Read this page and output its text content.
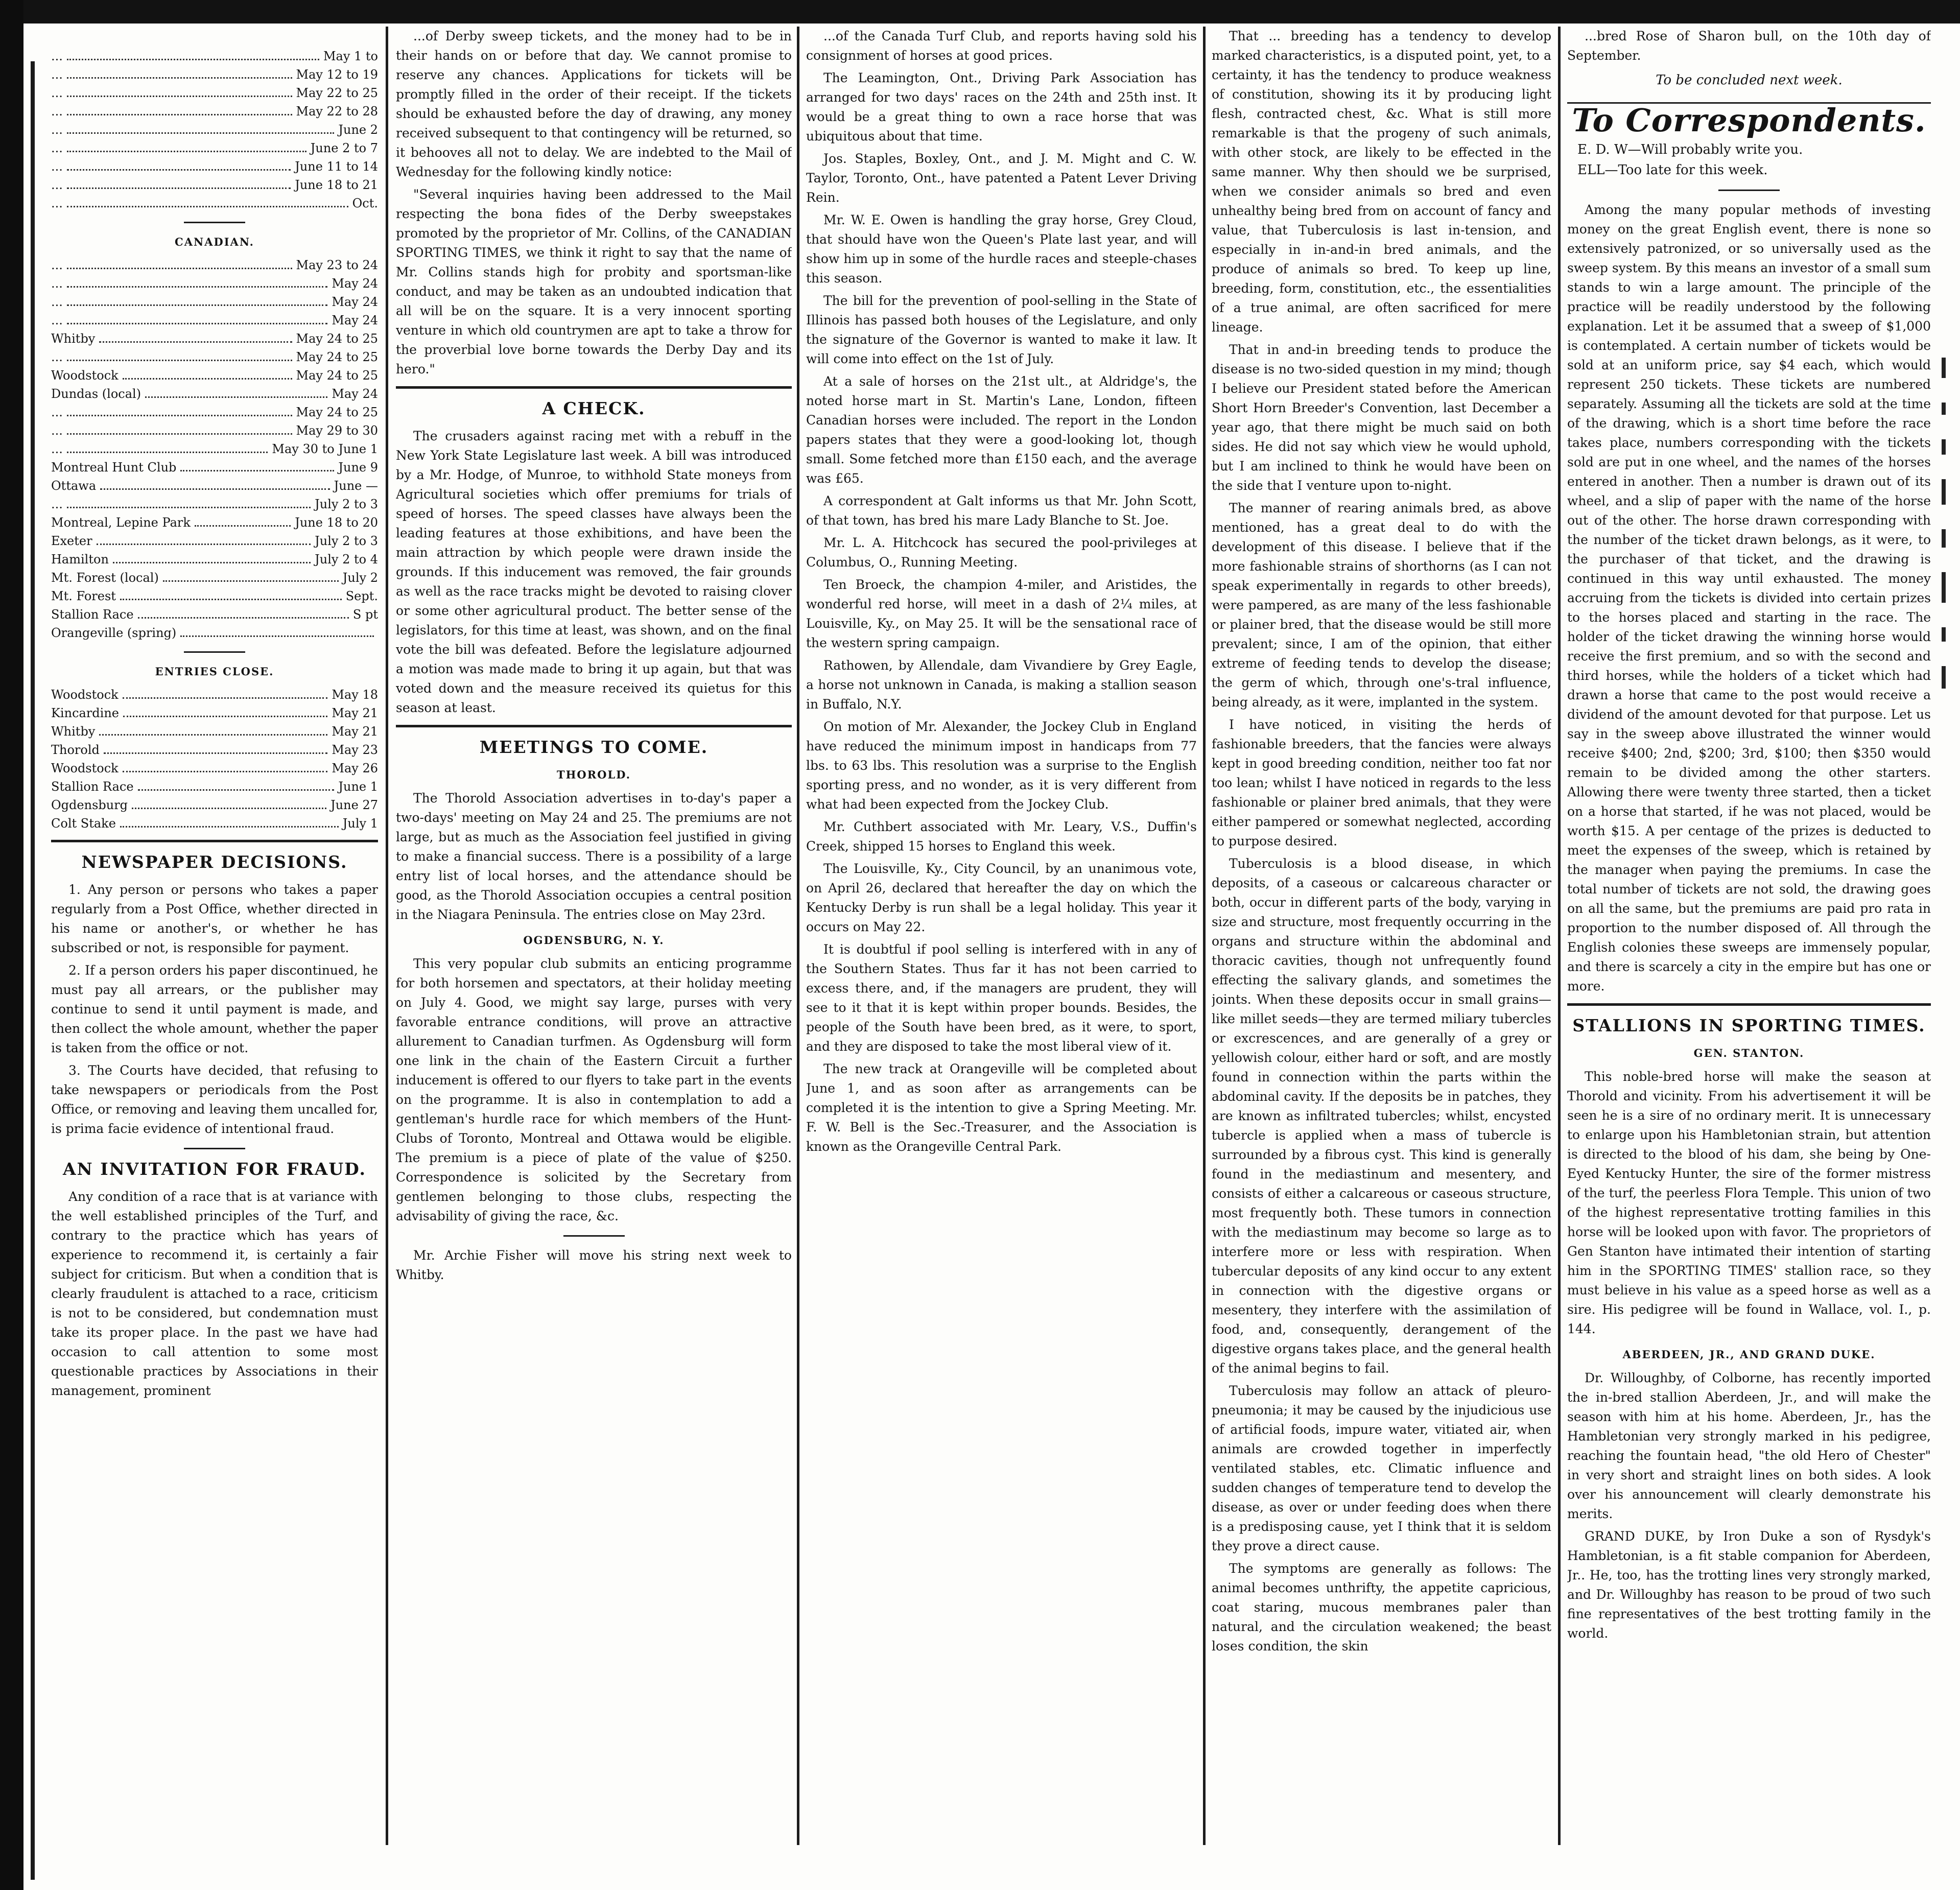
...	May 1 to
...	May 12 to 19
...	May 22 to 25
...	May 22 to 28
...	June 2
...	June 2 to 7
...	June 11 to 14
...	June 18 to 21
...	Oct.
CANADIAN.
...	May 23 to 24
...	May 24
...	May 24
...	May 24
Whitby	May 24 to 25
...	May 24 to 25
Woodstock	May 24 to 25
Dundas (local)	May 24
...	May 24 to 25
...	May 29 to 30
...	May 30 to June 1
Montreal Hunt Club	June 9
Ottawa	June —
...	July 2 to 3
Montreal, Lepine Park	June 18 to 20
Exeter	July 2 to 3
Hamilton	July 2 to 4
Mt. Forest (local)	July 2
Mt. Forest	Sept.
Stallion Race	S pt
Orangeville (spring)
ENTRIES CLOSE.
Woodstock	May 18
Kincardine	May 21
Whitby	May 21
Thorold	May 23
Woodstock	May 26
Stallion Race	June 1
Ogdensburg	June 27
Colt Stake	July 1
NEWSPAPER DECISIONS.

1. Any person or persons who takes a paper regularly from a Post Office, whether directed in his name or another's, or whether he has subscribed or not, is responsible for payment.

2. If a person orders his paper discontinued, he must pay all arrears, or the publisher may continue to send it until payment is made, and then collect the whole amount, whether the paper is taken from the office or not.

3. The Courts have decided, that refusing to take newspapers or periodicals from the Post Office, or removing and leaving them uncalled for, is prima facie evidence of intentional fraud.

AN INVITATION FOR FRAUD.

Any condition of a race that is at variance with the well established principles of the Turf, and contrary to the practice which has years of experience to recommend it, is certainly a fair subject for criticism. But when a condition that is clearly fraudulent is attached to a race, criticism is not to be considered, but condemnation must take its proper place. In the past we have had occasion to call attention to some most questionable practices by Associations in their management, prominent

...of Derby sweep tickets, and the money had to be in their hands on or before that day. We cannot promise to reserve any chances. Applications for tickets will be promptly filled in the order of their receipt. If the tickets should be exhausted before the day of drawing, any money received subsequent to that contingency will be returned, so it behooves all not to delay. We are indebted to the Mail of Wednesday for the following kindly notice:

"Several inquiries having been addressed to the Mail respecting the bona fides of the Derby sweepstakes promoted by the proprietor of Mr. Collins, of the CANADIAN SPORTING TIMES, we think it right to say that the name of Mr. Collins stands high for probity and sportsman-like conduct, and may be taken as an undoubted indication that all will be on the square. It is a very innocent sporting venture in which old countrymen are apt to take a throw for the proverbial love borne towards the Derby Day and its hero."

A CHECK.

The crusaders against racing met with a rebuff in the New York State Legislature last week. A bill was introduced by a Mr. Hodge, of Munroe, to withhold State moneys from Agricultural societies which offer premiums for trials of speed of horses. The speed classes have always been the leading features at those exhibitions, and have been the main attraction by which people were drawn inside the grounds. If this inducement was removed, the fair grounds as well as the race tracks might be devoted to raising clover or some other agricultural product. The better sense of the legislators, for this time at least, was shown, and on the final vote the bill was defeated. Before the legislature adjourned a motion was made made to bring it up again, but that was voted down and the measure received its quietus for this season at least.

MEETINGS TO COME.
THOROLD.

The Thorold Association advertises in to-day's paper a two-days' meeting on May 24 and 25. The premiums are not large, but as much as the Association feel justified in giving to make a financial success. There is a possibility of a large entry list of local horses, and the attendance should be good, as the Thorold Association occupies a central position in the Niagara Peninsula. The entries close on May 23rd.

OGDENSBURG, N. Y.

This very popular club submits an enticing programme for both horsemen and spectators, at their holiday meeting on July 4. Good, we might say large, purses with very favorable entrance conditions, will prove an attractive allurement to Canadian turfmen. As Ogdensburg will form one link in the chain of the Eastern Circuit a further inducement is offered to our flyers to take part in the events on the programme. It is also in contemplation to add a gentleman's hurdle race for which members of the Hunt-Clubs of Toronto, Montreal and Ottawa would be eligible. The premium is a piece of plate of the value of $250. Correspondence is solicited by the Secretary from gentlemen belonging to those clubs, respecting the advisability of giving the race, &c.

Mr. Archie Fisher will move his string next week to Whitby.

...of the Canada Turf Club, and reports having sold his consignment of horses at good prices.

The Leamington, Ont., Driving Park Association has arranged for two days' races on the 24th and 25th inst. It would be a great thing to own a race horse that was ubiquitous about that time.

Jos. Staples, Boxley, Ont., and J. M. Might and C. W. Taylor, Toronto, Ont., have patented a Patent Lever Driving Rein.

Mr. W. E. Owen is handling the gray horse, Grey Cloud, that should have won the Queen's Plate last year, and will show him up in some of the hurdle races and steeple-chases this season.

The bill for the prevention of pool-selling in the State of Illinois has passed both houses of the Legislature, and only the signature of the Governor is wanted to make it law. It will come into effect on the 1st of July.

At a sale of horses on the 21st ult., at Aldridge's, the noted horse mart in St. Martin's Lane, London, fifteen Canadian horses were included. The report in the London papers states that they were a good-looking lot, though small. Some fetched more than £150 each, and the average was £65.

A correspondent at Galt informs us that Mr. John Scott, of that town, has bred his mare Lady Blanche to St. Joe.

Mr. L. A. Hitchcock has secured the pool-privileges at Columbus, O., Running Meeting.

Ten Broeck, the champion 4-miler, and Aristides, the wonderful red horse, will meet in a dash of 2¼ miles, at Louisville, Ky., on May 25. It will be the sensational race of the western spring campaign.

Rathowen, by Allendale, dam Vivandiere by Grey Eagle, a horse not unknown in Canada, is making a stallion season in Buffalo, N.Y.

On motion of Mr. Alexander, the Jockey Club in England have reduced the minimum impost in handicaps from 77 lbs. to 63 lbs. This resolution was a surprise to the English sporting press, and no wonder, as it is very different from what had been expected from the Jockey Club.

Mr. Cuthbert associated with Mr. Leary, V.S., Duffin's Creek, shipped 15 horses to England this week.

The Louisville, Ky., City Council, by an unanimous vote, on April 26, declared that hereafter the day on which the Kentucky Derby is run shall be a legal holiday. This year it occurs on May 22.

It is doubtful if pool selling is interfered with in any of the Southern States. Thus far it has not been carried to excess there, and, if the managers are prudent, they will see to it that it is kept within proper bounds. Besides, the people of the South have been bred, as it were, to sport, and they are disposed to take the most liberal view of it.

The new track at Orangeville will be completed about June 1, and as soon after as arrangements can be completed it is the intention to give a Spring Meeting. Mr. F. W. Bell is the Sec.-Treasurer, and the Association is known as the Orangeville Central Park.

That ... breeding has a tendency to develop marked characteristics, is a disputed point, yet, to a certainty, it has the tendency to produce weakness of constitution, showing its it by producing light flesh, contracted chest, &c. What is still more remarkable is that the progeny of such animals, with other stock, are likely to be effected in the same manner. Why then should we be surprised, when we consider animals so bred and even unhealthy being bred from on account of fancy and value, that Tuberculosis is last in-tension, and especially in in-and-in bred animals, and the produce of animals so bred. To keep up line, breeding, form, constitution, etc., the essentialities of a true animal, are often sacrificed for mere lineage.

That in and-in breeding tends to produce the disease is no two-sided question in my mind; though I believe our President stated before the American Short Horn Breeder's Convention, last December a year ago, that there might be much said on both sides. He did not say which view he would uphold, but I am inclined to think he would have been on the side that I venture upon to-night.

The manner of rearing animals bred, as above mentioned, has a great deal to do with the development of this disease. I believe that if the more fashionable strains of shorthorns (as I can not speak experimentally in regards to other breeds), were pampered, as are many of the less fashionable or plainer bred, that the disease would be still more prevalent; since, I am of the opinion, that either extreme of feeding tends to develop the disease; the germ of which, through one's-tral influence, being already, as it were, implanted in the system.

I have noticed, in visiting the herds of fashionable breeders, that the fancies were always kept in good breeding condition, neither too fat nor too lean; whilst I have noticed in regards to the less fashionable or plainer bred animals, that they were either pampered or somewhat neglected, according to purpose desired.

Tuberculosis is a blood disease, in which deposits, of a caseous or calcareous character or both, occur in different parts of the body, varying in size and structure, most frequently occurring in the organs and structure within the abdominal and thoracic cavities, though not unfrequently found effecting the salivary glands, and sometimes the joints. When these deposits occur in small grains—like millet seeds—they are termed miliary tubercles or excrescences, and are generally of a grey or yellowish colour, either hard or soft, and are mostly found in connection within the parts within the abdominal cavity. If the deposits be in patches, they are known as infiltrated tubercles; whilst, encysted tubercle is applied when a mass of tubercle is surrounded by a fibrous cyst. This kind is generally found in the mediastinum and mesentery, and consists of either a calcareous or caseous structure, most frequently both. These tumors in connection with the mediastinum may become so large as to interfere more or less with respiration. When tubercular deposits of any kind occur to any extent in connection with the digestive organs or mesentery, they interfere with the assimilation of food, and, consequently, derangement of the digestive organs takes place, and the general health of the animal begins to fail.

Tuberculosis may follow an attack of pleuro-pneumonia; it may be caused by the injudicious use of artificial foods, impure water, vitiated air, when animals are crowded together in imperfectly ventilated stables, etc. Climatic influence and sudden changes of temperature tend to develop the disease, as over or under feeding does when there is a predisposing cause, yet I think that it is seldom they prove a direct cause.

The symptoms are generally as follows: The animal becomes unthrifty, the appetite capricious, coat staring, mucous membranes paler than natural, and the circulation weakened; the beast loses condition, the skin

...bred Rose of Sharon bull, on the 10th day of September.

To be concluded next week.
To Correspondents.
E. D. W—Will probably write you.
ELL—Too late for this week.

Among the many popular methods of investing money on the great English event, there is none so extensively patronized, or so universally used as the sweep system. By this means an investor of a small sum stands to win a large amount. The principle of the practice will be readily understood by the following explanation. Let it be assumed that a sweep of $1,000 is contemplated. A certain number of tickets would be sold at an uniform price, say $4 each, which would represent 250 tickets. These tickets are numbered separately. Assuming all the tickets are sold at the time of the drawing, which is a short time before the race takes place, numbers corresponding with the tickets sold are put in one wheel, and the names of the horses entered in another. Then a number is drawn out of its wheel, and a slip of paper with the name of the horse out of the other. The horse drawn corresponding with the number of the ticket drawn belongs, as it were, to the purchaser of that ticket, and the drawing is continued in this way until exhausted. The money accruing from the tickets is divided into certain prizes to the horses placed and starting in the race. The holder of the ticket drawing the winning horse would receive the first premium, and so with the second and third horses, while the holders of a ticket which had drawn a horse that came to the post would receive a dividend of the amount devoted for that purpose. Let us say in the sweep above illustrated the winner would receive $400; 2nd, $200; 3rd, $100; then $350 would remain to be divided among the other starters. Allowing there were twenty three started, then a ticket on a horse that started, if he was not placed, would be worth $15. A per centage of the prizes is deducted to meet the expenses of the sweep, which is retained by the manager when paying the premiums. In case the total number of tickets are not sold, the drawing goes on all the same, but the premiums are paid pro rata in proportion to the number disposed of. All through the English colonies these sweeps are immensely popular, and there is scarcely a city in the empire but has one or more.

STALLIONS IN SPORTING TIMES.
GEN. STANTON.

This noble-bred horse will make the season at Thorold and vicinity. From his advertisement it will be seen he is a sire of no ordinary merit. It is unnecessary to enlarge upon his Hambletonian strain, but attention is directed to the blood of his dam, she being by One-Eyed Kentucky Hunter, the sire of the former mistress of the turf, the peerless Flora Temple. This union of two of the highest representative trotting families in this horse will be looked upon with favor. The proprietors of Gen Stanton have intimated their intention of starting him in the SPORTING TIMES' stallion race, so they must believe in his value as a speed horse as well as a sire. His pedigree will be found in Wallace, vol. I., p. 144.

ABERDEEN, JR., AND GRAND DUKE.

Dr. Willoughby, of Colborne, has recently imported the in-bred stallion Aberdeen, Jr., and will make the season with him at his home. Aberdeen, Jr., has the Hambletonian very strongly marked in his pedigree, reaching the fountain head, "the old Hero of Chester" in very short and straight lines on both sides. A look over his announcement will clearly demonstrate his merits.

GRAND DUKE, by Iron Duke a son of Rysdyk's Hambletonian, is a fit stable companion for Aberdeen, Jr.. He, too, has the trotting lines very strongly marked, and Dr. Willoughby has reason to be proud of two such fine representatives of the best trotting family in the world.
